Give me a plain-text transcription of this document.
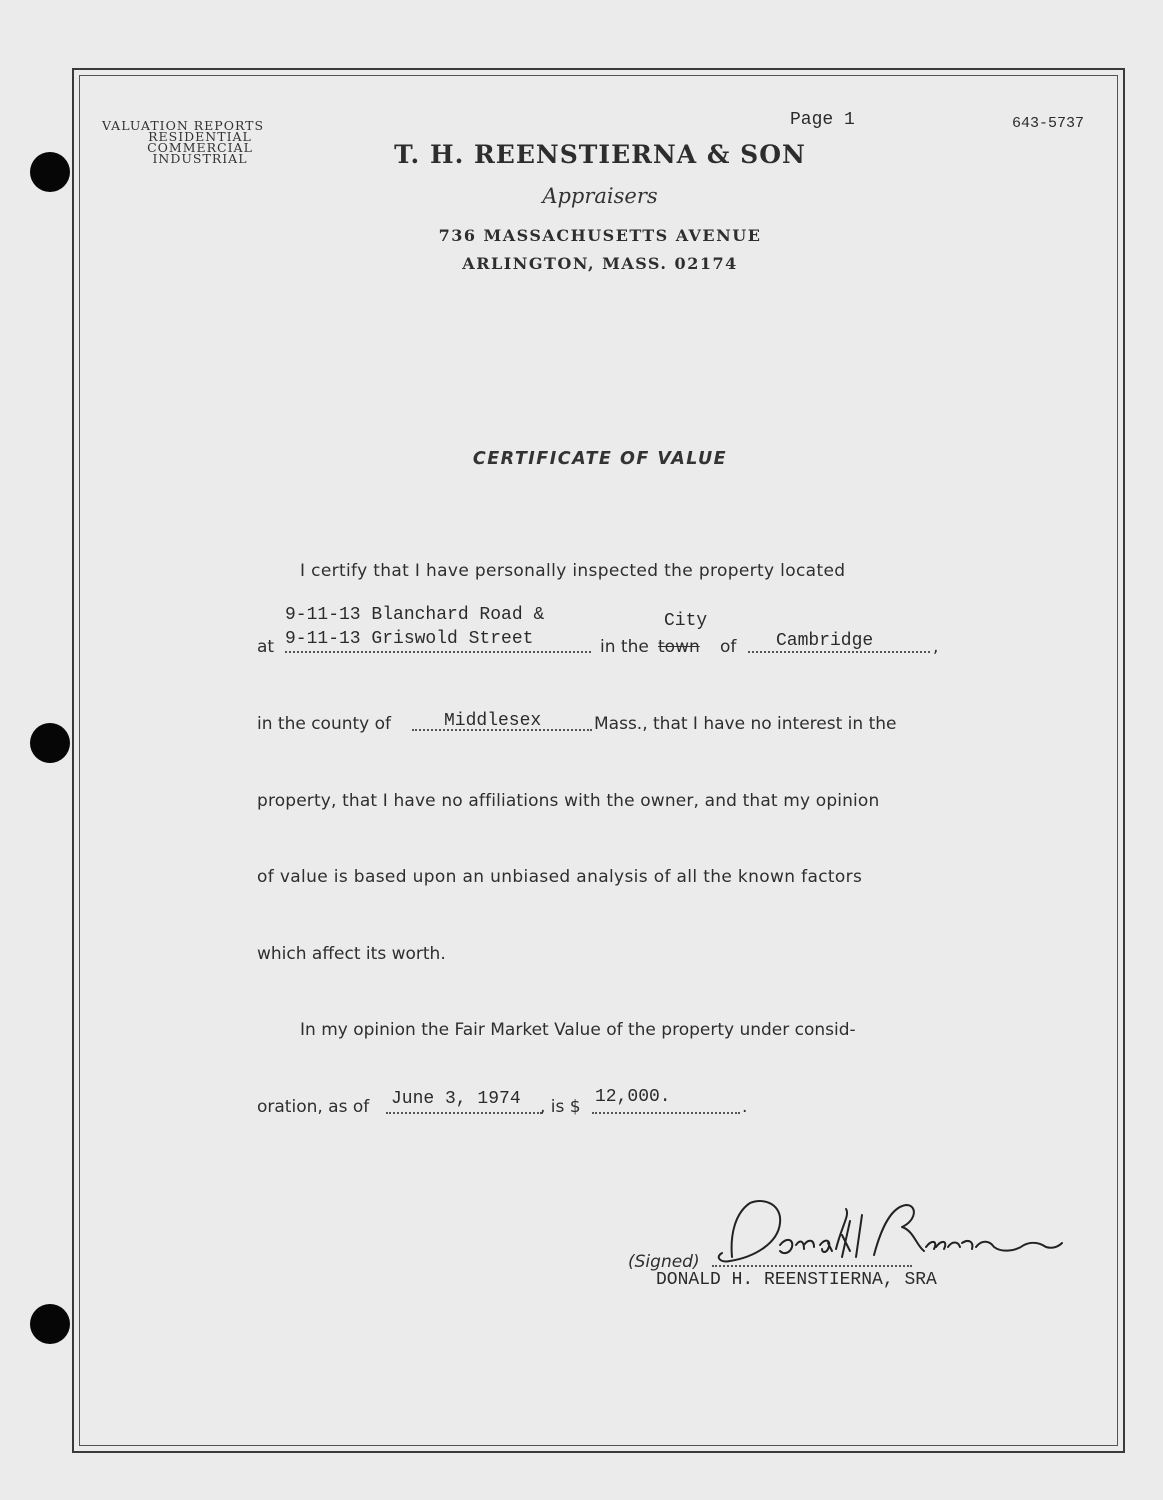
VALUATION REPORTS
RESIDENTIAL
COMMERCIAL
INDUSTRIAL
Page 1	643-5737
T. H. REENSTIERNA & SON
Appraisers
736 MASSACHUSETTS AVENUE
ARLINGTON, MASS. 02174
CERTIFICATE OF VALUE
I certify that I have personally inspected the property located
9-11-13 Blanchard Road &	City
at 9-11-13 Griswold Street	in the town of Cambridge	,
in the county of	Middlesex	Mass., that I have no interest in the
property, that I have no affiliations with the owner, and that my opinion
of value is based upon an unbiased analysis of all the known factors
which affect its worth.
In my opinion the Fair Market Value of the property under consid-
oration, as of June 3, 1974 , is $ 12,000.	.
(Signed)
DONALD H. REENSTIERNA, SRA
